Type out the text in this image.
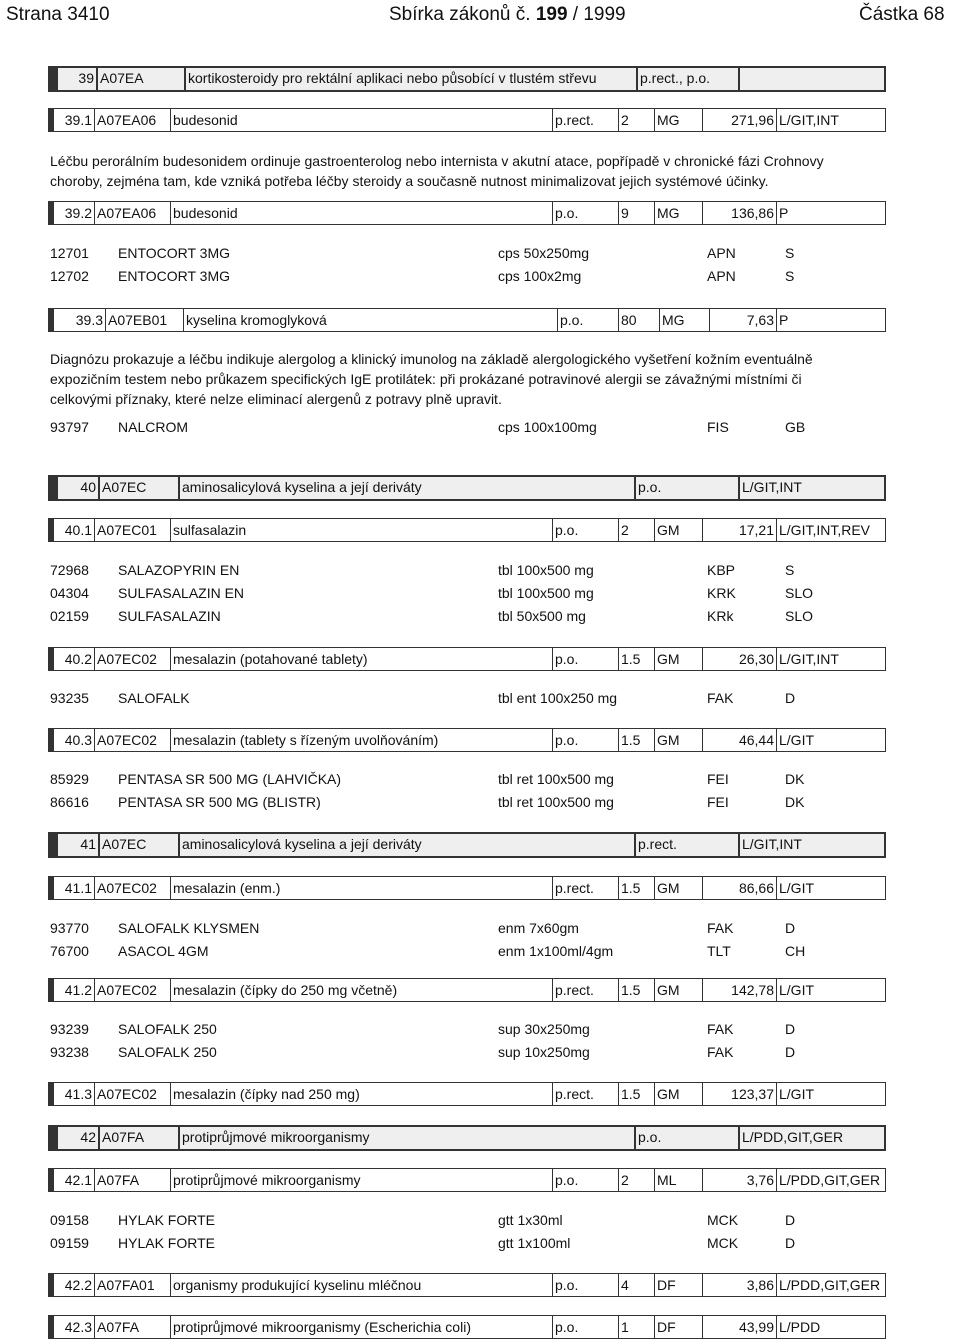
Strana 3410	Sbírka zákonů č. 199 / 1999	Částka 68
39 A07EA	kortikosteroidy pro rektální aplikaci nebo působící v tlustém střevu	p.rect., p.o.
39.1 A07EA06	budesonid	p.rect.	2	MG	271,96 L/GIT,INT

Léčbu perorálním budesonidem ordinuje gastroenterolog nebo internista v akutní atace, popřípadě v chronické fázi Crohnovy

choroby, zejména tam, kde vzniká potřeba léčby steroidy a současně nutnost minimalizovat jejich systémové účinky.

39.2 A07EA06	budesonid	p.o.	9	MG	136,86 P
12701 ENTOCORT 3MG	cps 50x250mg	APN	S
12702 ENTOCORT 3MG	cps 100x2mg	APN	S
39.3 A07EB01	kyselina kromoglyková	p.o.	80	MG	7,63 P

Diagnózu prokazuje a léčbu indikuje alergolog a klinický imunolog na základě alergologického vyšetření kožním eventuálně

expozičním testem nebo průkazem specifických IgE protilátek: při prokázané potravinové alergii se závažnými místními či

celkovými příznaky, které nelze eliminací alergenů z potravy plně upravit.

93797 NALCROM	cps 100x100mg	FIS	GB
40 A07EC	aminosalicylová kyselina a její deriváty	p.o.	L/GIT,INT
40.1 A07EC01	sulfasalazin	p.o.	2	GM	17,21 L/GIT,INT,REV
72968 SALAZOPYRIN EN	tbl 100x500 mg	KBP	S
04304 SULFASALAZIN EN	tbl 100x500 mg	KRK	SLO
02159 SULFASALAZIN	tbl 50x500 mg	KRk	SLO
40.2 A07EC02	mesalazin (potahované tablety)	p.o.	1.5	GM	26,30 L/GIT,INT
93235 SALOFALK	tbl ent 100x250 mg	FAK	D
40.3 A07EC02	mesalazin (tablety s řízeným uvolňováním)	p.o.	1.5	GM	46,44 L/GIT
85929 PENTASA SR 500 MG (LAHVIČKA)	tbl ret 100x500 mg	FEI	DK
86616 PENTASA SR 500 MG (BLISTR)	tbl ret 100x500 mg	FEI	DK
41 A07EC	aminosalicylová kyselina a její deriváty	p.rect.	L/GIT,INT
41.1 A07EC02	mesalazin (enm.)	p.rect.	1.5	GM	86,66 L/GIT
93770 SALOFALK KLYSMEN	enm 7x60gm	FAK	D
76700 ASACOL 4GM	enm 1x100ml/4gm	TLT	CH
41.2 A07EC02	mesalazin (čípky do 250 mg včetně)	p.rect.	1.5	GM	142,78 L/GIT
93239 SALOFALK 250	sup 30x250mg	FAK	D
93238 SALOFALK 250	sup 10x250mg	FAK	D
41.3 A07EC02	mesalazin (čípky nad 250 mg)	p.rect.	1.5	GM	123,37 L/GIT
42 A07FA	protiprůjmové mikroorganismy	p.o.	L/PDD,GIT,GER
42.1 A07FA	protiprůjmové mikroorganismy	p.o.	2	ML	3,76 L/PDD,GIT,GER
09158 HYLAK FORTE	gtt 1x30ml	MCK	D
09159 HYLAK FORTE	gtt 1x100ml	MCK	D
42.2 A07FA01	organismy produkující kyselinu mléčnou	p.o.	4	DF	3,86 L/PDD,GIT,GER
42.3 A07FA	protiprůjmové mikroorganismy (Escherichia coli)	p.o.	1	DF	43,99 L/PDD
